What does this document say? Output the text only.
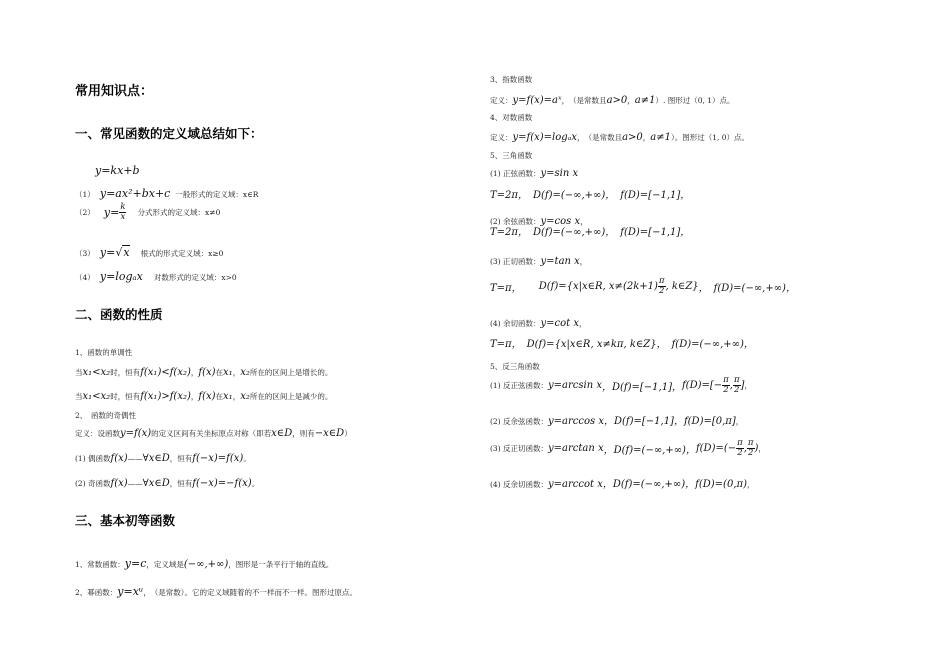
常用知识点：
一、常见函数的定义域总结如下：
y=kx+b
（1） y=ax²+bx+c 一般形式的定义域：x∈R
（2） $y= \frac{k}{x}$ 分式形式的定义域：x≠0
（3） y=√x 根式的形式定义域：x≥0
（4） y=logₐx 对数形式的定义域：x>0
二、函数的性质
1、函数的单调性
当x₁<x₂时，恒有f(x₁)<f(x₂)，f(x)在x₁，x₂所在的区间上是增长的。
当x₁<x₂时，恒有f(x₁)>f(x₂)，f(x)在x₁，x₂所在的区间上是减少的。
2、　函数的奇偶性
定义：设函数y=f(x)的定义区间有关坐标原点对称（即若x∈D，则有−x∈D）
(1) 偶函数f(x)——∀x∈D，恒有f(−x)=f(x)。
(2) 奇函数f(x)——∀x∈D，恒有f(−x)=−f(x)。
三、基本初等函数
1、常数函数：y=c，定义域是(−∞,+∞)，图形是一条平行于轴的直线。
2、幂函数：y=xᵘ，　（是常数）。它的定义域随着的不一样而不一样。图形过原点。
3、指数函数
定义：y=f(x)=aˣ，　（是常数且a>0，a≠1）. 图形过（0, 1）点。
4、对数函数
定义：y=f(x)=logₐx，　（是常数且a>0，a≠1）。图形过（1, 0）点。
5、三角函数
(1) 正弦函数：y=sin x
T=2π，　D(f)=(−∞,+∞)，　f(D)=[−1,1]，
(2) 余弦函数：y=cos x，
T=2π，　D(f)=(−∞,+∞)，　f(D)=[−1,1]，
(3) 正切函数：y=tan x，
T=π， D(f)={x|x∈R, $x\ne(2k+1) \frac{\pi}{2}$ , k∈Z}，　f(D)=(−∞,+∞)，
(4) 余切函数：y=cot x，
T=π，　D(f)={x|x∈R, x≠kπ, k∈Z}，　f(D)=(−∞,+∞)，
5、反三角函数
(1) 反正弦函数：y=arcsin x，D(f)=[−1,1]，$f(D)=[- \frac{\pi}{2}$ , $\frac{\pi}{2}$ ]，
(2) 反余弦函数：y=arccos x，D(f)=[−1,1]，f(D)=[0,π]，
(3) 反正切函数：y=arctan x，D(f)=(−∞,+∞)，$f(D)=(- \frac{\pi}{2}$ , $\frac{\pi}{2}$ )，
(4) 反余切函数：y=arccot x，D(f)=(−∞,+∞)，f(D)=(0,π)，
